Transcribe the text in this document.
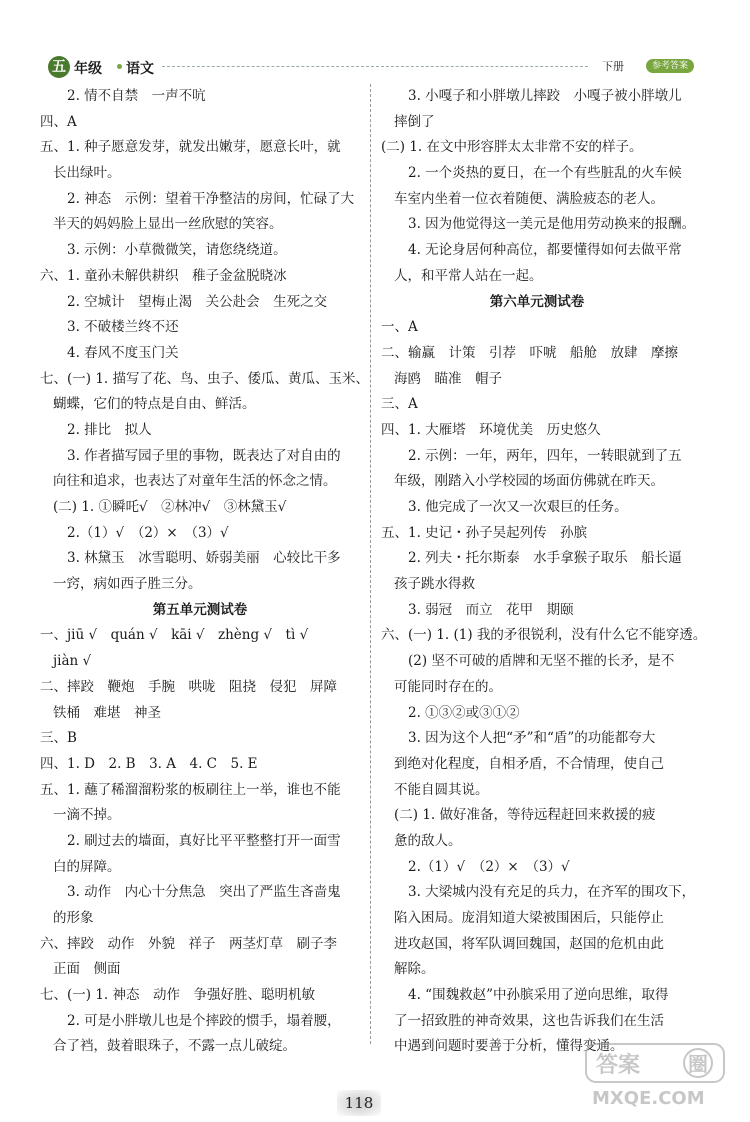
五 年级 语文	下册	参考答案
2. 情不自禁　一声不吭
四、A
五、1. 种子愿意发芽，就发出嫩芽，愿意长叶，就
长出绿叶。
2. 神态　示例：望着干净整洁的房间，忙碌了大
半天的妈妈脸上显出一丝欣慰的笑容。
3. 示例：小草微微笑，请您绕绕道。
六、1. 童孙未解供耕织　稚子金盆脱晓冰
2. 空城计　望梅止渴　关公赴会　生死之交
3. 不破楼兰终不还
4. 春风不度玉门关
七、(一) 1. 描写了花、鸟、虫子、倭瓜、黄瓜、玉米、
蝴蝶，它们的特点是自由、鲜活。
2. 排比　拟人
3. 作者描写园子里的事物，既表达了对自由的
向往和追求，也表达了对童年生活的怀念之情。
(二) 1. ①瞬吒√　②林冲√　③林黛玉√
2.（1）√　（2）×　（3）√
3. 林黛玉　冰雪聪明、娇弱美丽　心较比干多
一窍，病如西子胜三分。
第五单元测试卷
一、jiū √　quán √　kāi √　zhèng √　tì √
jiàn √
二、摔跤　鞭炮　手腕　哄咙　阻挠　侵犯　屏障
铁桶　难堪　神圣
三、B
四、1. D　2. B　3. A　4. C　5. E
五、1. 蘸了稀溜溜粉浆的板刷往上一举，谁也不能
一滴不掉。
2. 刷过去的墙面，真好比平平整整打开一面雪
白的屏障。
3. 动作　内心十分焦急　突出了严监生吝啬鬼
的形象
六、摔跤　动作　外貌　祥子　两茎灯草　刷子李
正面　侧面
七、(一) 1. 神态　动作　争强好胜、聪明机敏
2. 可是小胖墩儿也是个摔跤的惯手，塌着腰，
合了裆，鼓着眼珠子，不露一点儿破绽。
3. 小嘎子和小胖墩儿摔跤　小嘎子被小胖墩儿
摔倒了
(二) 1. 在文中形容胖太太非常不安的样子。
2. 一个炎热的夏日，在一个有些脏乱的火车候
车室内坐着一位衣着随便、满脸疲态的老人。
3. 因为他觉得这一美元是他用劳动换来的报酬。
4. 无论身居何种高位，都要懂得如何去做平常
人，和平常人站在一起。
第六单元测试卷
一、A
二、输赢　计策　引荐　吓唬　船舱　放肆　摩擦
海鸥　瞄准　帽子
三、A
四、1. 大雁塔　环境优美　历史悠久
2. 示例：一年，两年，四年，一转眼就到了五
年级，刚踏入小学校园的场面仿佛就在昨天。
3. 他完成了一次又一次艰巨的任务。
五、1. 史记・孙子吴起列传　孙膑
2. 列夫・托尔斯泰　水手拿猴子取乐　船长逼
孩子跳水得救
3. 弱冠　而立　花甲　期颐
六、(一) 1. (1) 我的矛很锐利，没有什么它不能穿透。
(2) 坚不可破的盾牌和无坚不摧的长矛，是不
可能同时存在的。
2. ①③②或③①②
3. 因为这个人把“矛”和“盾”的功能都夸大
到绝对化程度，自相矛盾，不合情理，使自己
不能自圆其说。
(二) 1. 做好准备，等待远程赶回来救援的疲
惫的敌人。
2.（1）√　（2）×　（3）√
3. 大梁城内没有充足的兵力，在齐军的围攻下，
陷入困局。庞涓知道大梁被围困后，只能停止
进攻赵国，将军队调回魏国，赵国的危机由此
解除。
4. “围魏救赵”中孙膑采用了逆向思维，取得
了一招致胜的神奇效果，这也告诉我们在生活
中遇到问题时要善于分析，懂得变通。
118
答案 圈
MXQE.COM
